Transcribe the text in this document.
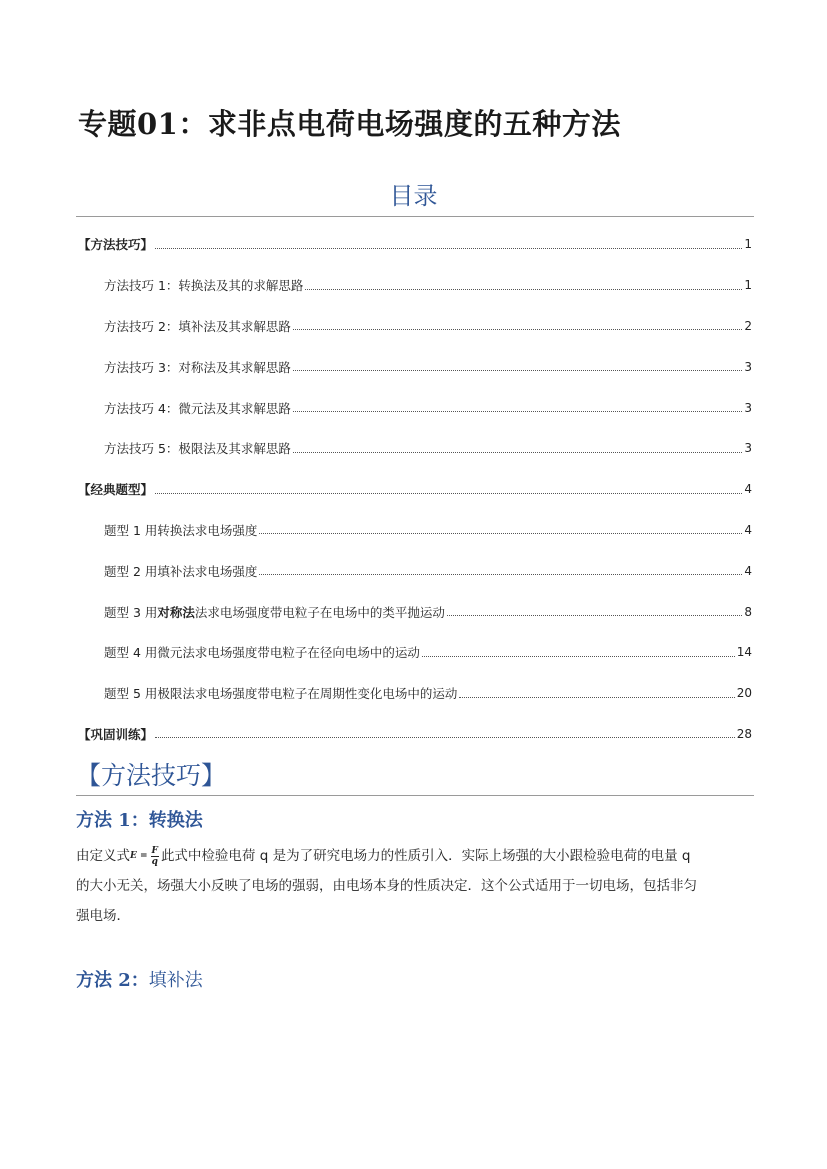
专题01：求非点电荷电场强度的五种方法
目录
【方法技巧】	1
方法技巧 1：转换法及其的求解思路	1
方法技巧 2：填补法及其求解思路	2
方法技巧 3：对称法及其求解思路	3
方法技巧 4：微元法及其求解思路	3
方法技巧 5：极限法及其求解思路	3
【经典题型】	4
题型 1 用转换法求电场强度	4
题型 2 用填补法求电场强度	4
题型 3 用对称法法求电场强度带电粒子在电场中的类平抛运动	8
题型 4 用微元法求电场强度带电粒子在径向电场中的运动	14
题型 5 用极限法求电场强度带电粒子在周期性变化电场中的运动	20
【巩固训练】	28
【方法技巧】
方法 1：转换法
由定义式 $E = \frac{F}{q}$ 此式中检验电荷 q 是为了研究电场力的性质引入．实际上场强的大小跟检验电荷的电量 q
的大小无关，场强大小反映了电场的强弱，由电场本身的性质决定．这个公式适用于一切电场，包括非匀
强电场．
方法 2：填补法
